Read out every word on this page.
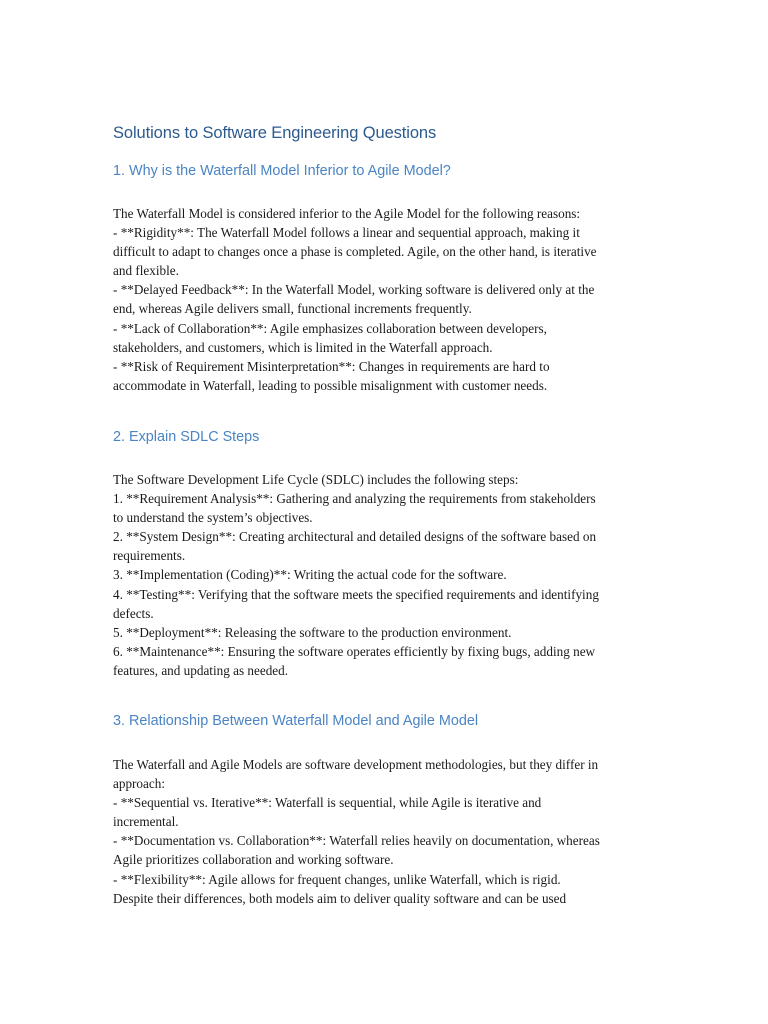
Solutions to Software Engineering Questions
1. Why is the Waterfall Model Inferior to Agile Model?
The Waterfall Model is considered inferior to the Agile Model for the following reasons:
- **Rigidity**: The Waterfall Model follows a linear and sequential approach, making it
difficult to adapt to changes once a phase is completed. Agile, on the other hand, is iterative
and flexible.
- **Delayed Feedback**: In the Waterfall Model, working software is delivered only at the
end, whereas Agile delivers small, functional increments frequently.
- **Lack of Collaboration**: Agile emphasizes collaboration between developers,
stakeholders, and customers, which is limited in the Waterfall approach.
- **Risk of Requirement Misinterpretation**: Changes in requirements are hard to
accommodate in Waterfall, leading to possible misalignment with customer needs.
2. Explain SDLC Steps
The Software Development Life Cycle (SDLC) includes the following steps:
1. **Requirement Analysis**: Gathering and analyzing the requirements from stakeholders
to understand the system’s objectives.
2. **System Design**: Creating architectural and detailed designs of the software based on
requirements.
3. **Implementation (Coding)**: Writing the actual code for the software.
4. **Testing**: Verifying that the software meets the specified requirements and identifying
defects.
5. **Deployment**: Releasing the software to the production environment.
6. **Maintenance**: Ensuring the software operates efficiently by fixing bugs, adding new
features, and updating as needed.
3. Relationship Between Waterfall Model and Agile Model
The Waterfall and Agile Models are software development methodologies, but they differ in
approach:
- **Sequential vs. Iterative**: Waterfall is sequential, while Agile is iterative and
incremental.
- **Documentation vs. Collaboration**: Waterfall relies heavily on documentation, whereas
Agile prioritizes collaboration and working software.
- **Flexibility**: Agile allows for frequent changes, unlike Waterfall, which is rigid.
Despite their differences, both models aim to deliver quality software and can be used
